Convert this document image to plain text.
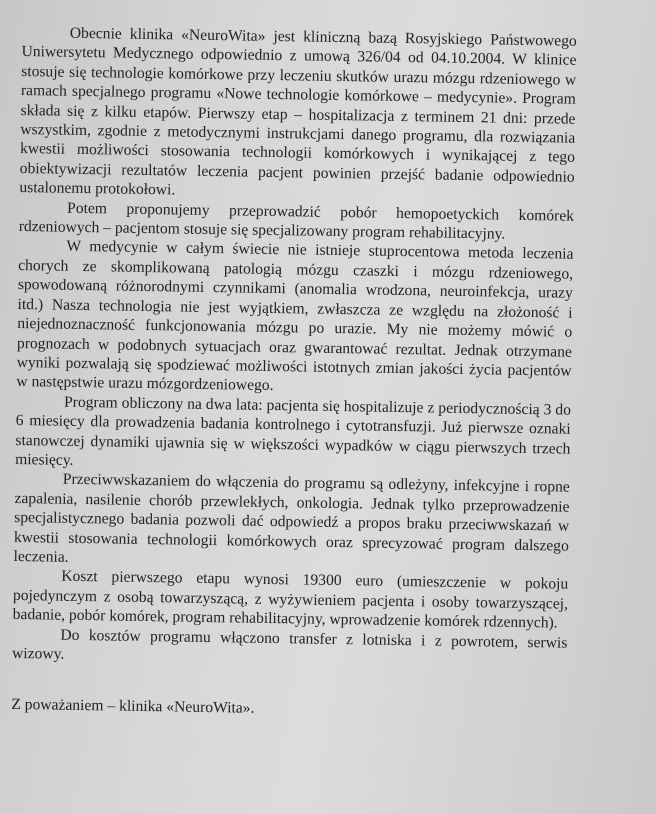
Obecnie klinika «NeuroWita» jest kliniczną bazą Rosyjskiego Państwowego Uniwersytetu Medycznego odpowiednio z umową 326/04 od 04.10.2004. W klinice stosuje się technologie komórkowe przy leczeniu skutków urazu mózgu rdzeniowego w ramach specjalnego programu «Nowe technologie komórkowe – medycynie». Program składa się z kilku etapów. Pierwszy etap – hospitalizacja z terminem 21 dni: przede wszystkim, zgodnie z metodycznymi instrukcjami danego programu, dla rozwiązania kwestii możliwości stosowania technologii komórkowych i wynikającej z tego obiektywizacji rezultatów leczenia pacjent powinien przejść badanie odpowiednio ustalonemu protokołowi.

Potem proponujemy przeprowadzić pobór hemopoetyckich komórek rdzeniowych – pacjentom stosuje się specjalizowany program rehabilitacyjny.

W medycynie w całym świecie nie istnieje stuprocentowa metoda leczenia chorych ze skomplikowaną patologią mózgu czaszki i mózgu rdzeniowego, spowodowaną różnorodnymi czynnikami (anomalia wrodzona, neuroinfekcja, urazy itd.) Nasza technologia nie jest wyjątkiem, zwłaszcza ze względu na złożoność i niejednoznaczność funkcjonowania mózgu po urazie. My nie możemy mówić o prognozach w podobnych sytuacjach oraz gwarantować rezultat. Jednak otrzymane wyniki pozwalają się spodziewać możliwości istotnych zmian jakości życia pacjentów w następstwie urazu mózgordzeniowego.

Program obliczony na dwa lata: pacjenta się hospitalizuje z periodycznością 3 do 6 miesięcy dla prowadzenia badania kontrolnego i cytotransfuzji. Już pierwsze oznaki stanowczej dynamiki ujawnia się w większości wypadków w ciągu pierwszych trzech miesięcy.

Przeciwwskazaniem do włączenia do programu są odleżyny, infekcyjne i ropne zapalenia, nasilenie chorób przewlekłych, onkologia. Jednak tylko przeprowadzenie specjalistycznego badania pozwoli dać odpowiedź a propos braku przeciwwskazań w kwestii stosowania technologii komórkowych oraz sprecyzować program dalszego leczenia.

Koszt pierwszego etapu wynosi 19300 euro (umieszczenie w pokoju pojedynczym z osobą towarzyszącą, z wyżywieniem pacjenta i osoby towarzyszącej, badanie, pobór komórek, program rehabilitacyjny, wprowadzenie komórek rdzennych).

Do kosztów programu włączono transfer z lotniska i z powrotem, serwis wizowy.

Z poważaniem – klinika «NeuroWita».
